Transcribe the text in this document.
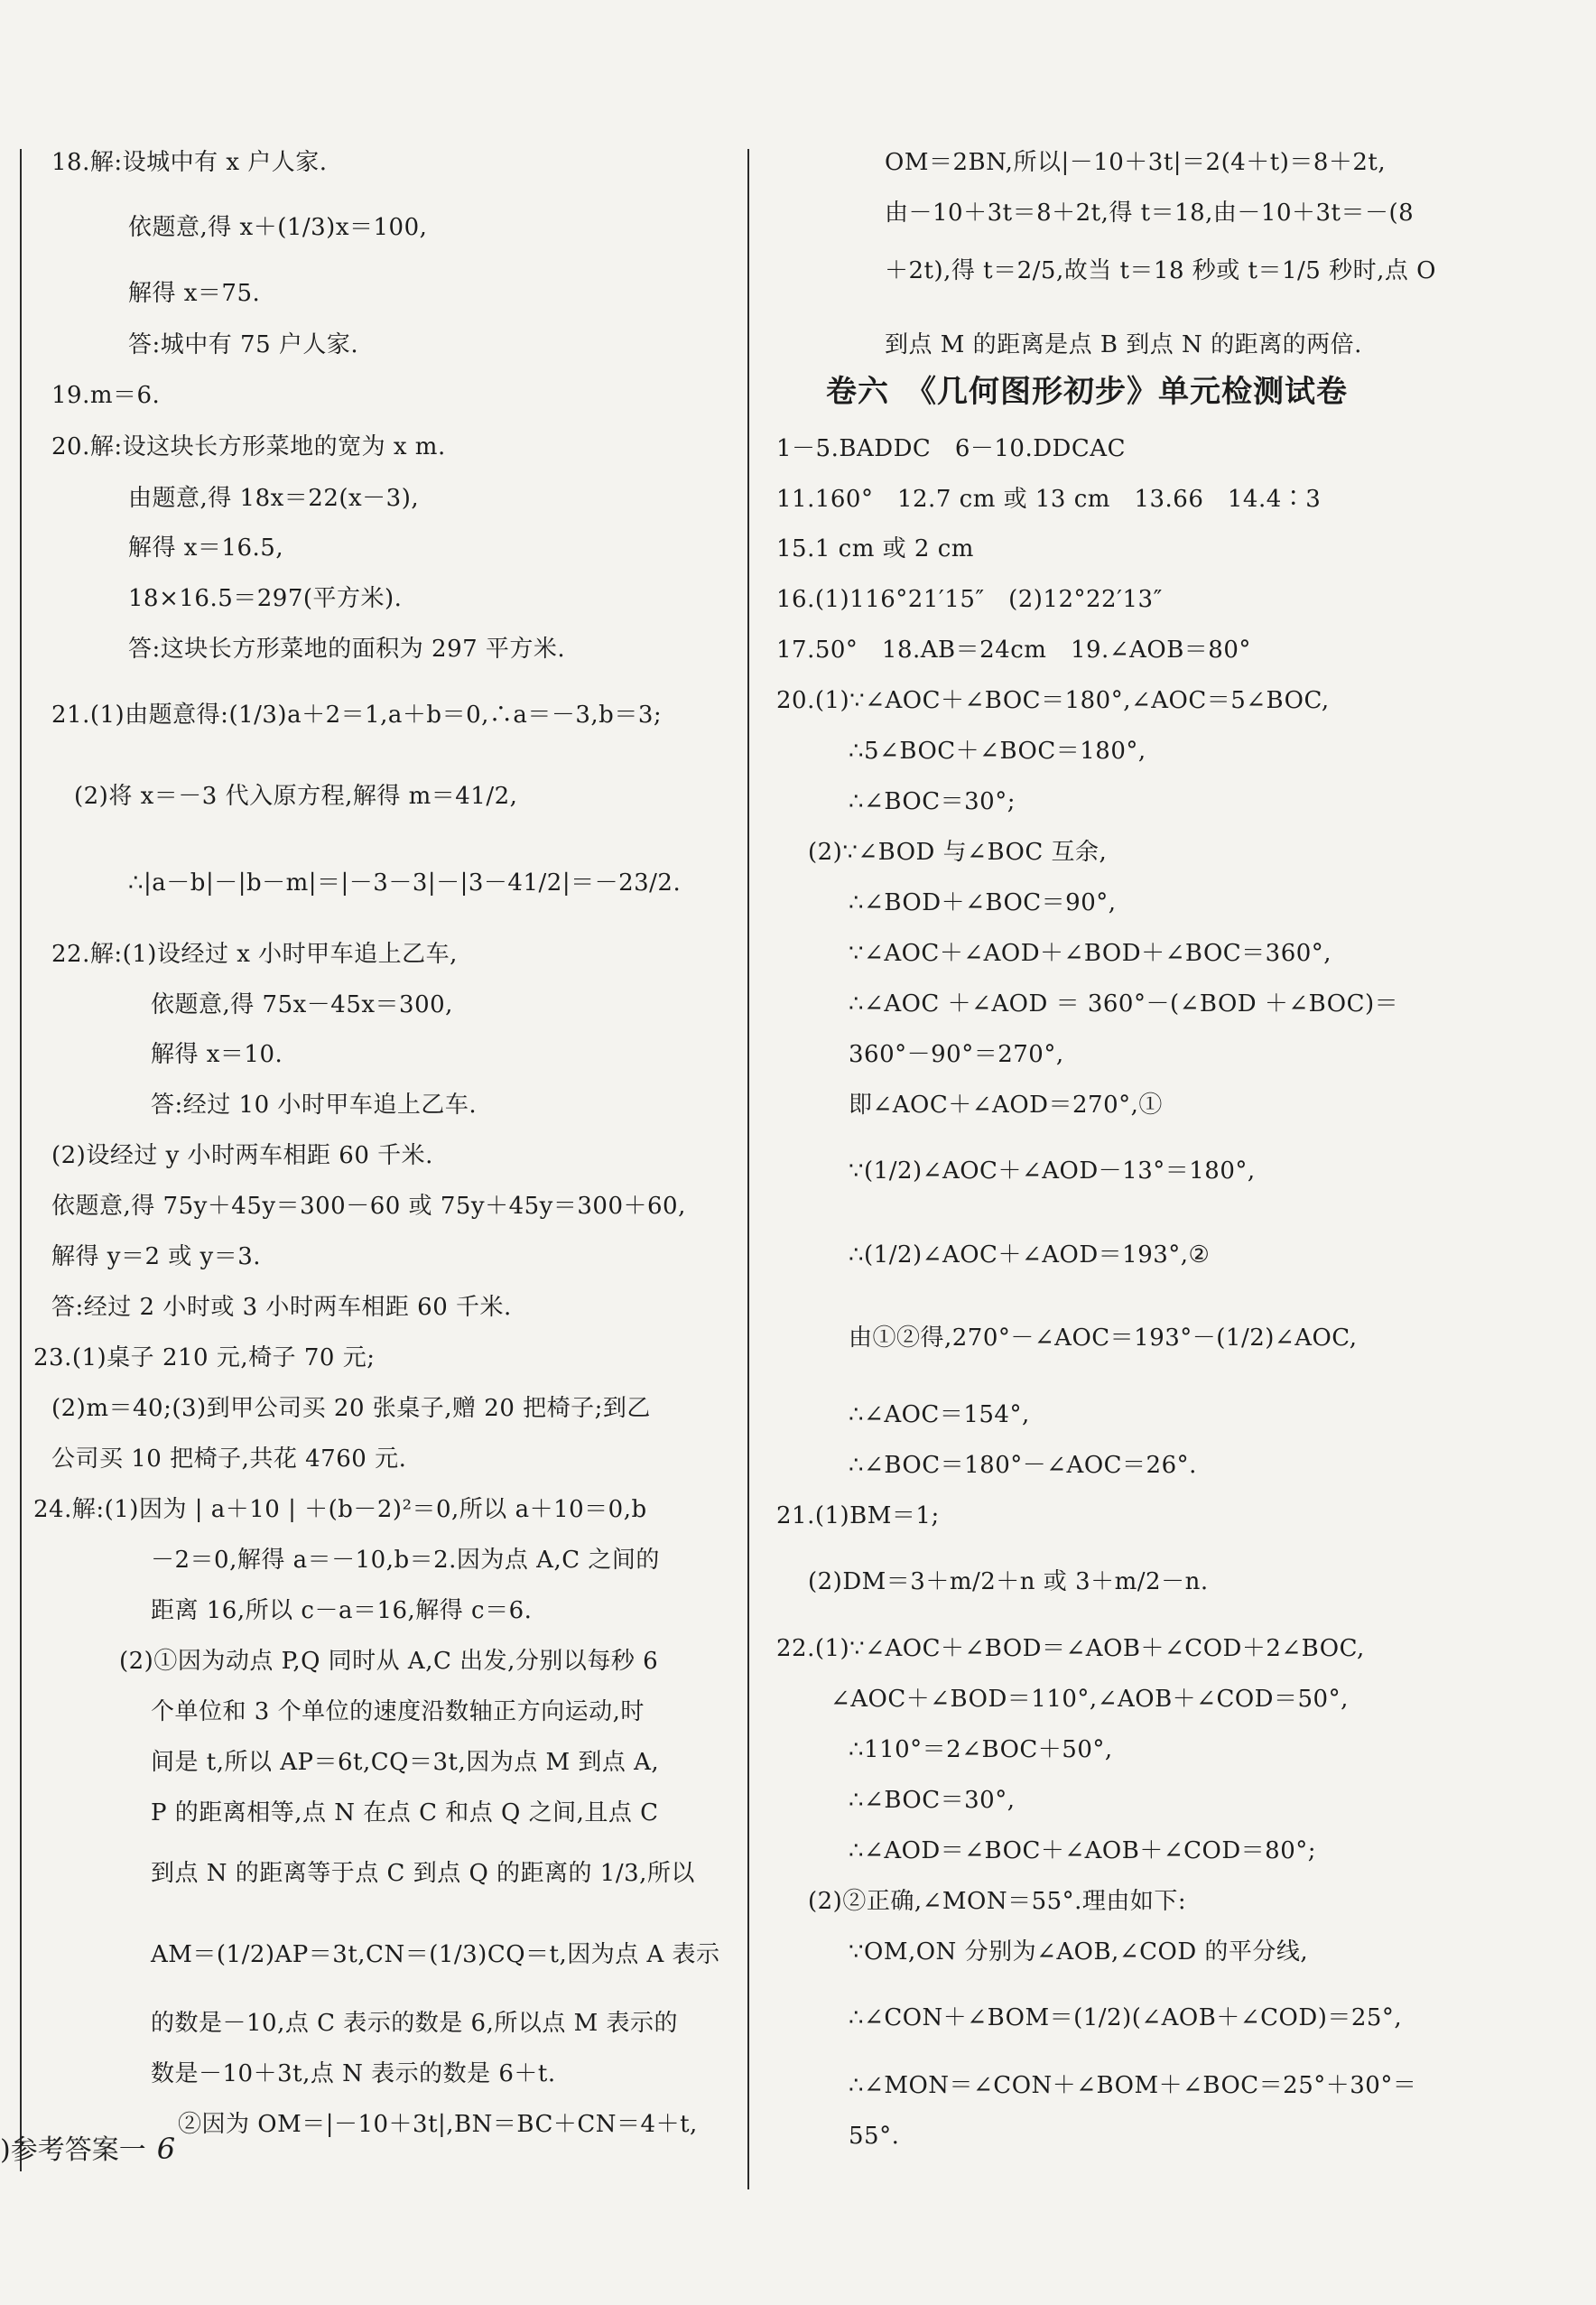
18.解:设城中有 x 户人家.
依题意,得 x＋(1/3)x＝100,
解得 x＝75.
答:城中有 75 户人家.
19.m＝6.
20.解:设这块长方形菜地的宽为 x m.
由题意,得 18x＝22(x－3),
解得 x＝16.5,
18×16.5＝297(平方米).
答:这块长方形菜地的面积为 297 平方米.
21.(1)由题意得:(1/3)a＋2＝1,a＋b＝0,∴a＝－3,b＝3;
(2)将 x＝－3 代入原方程,解得 m＝41/2,
∴|a－b|－|b－m|＝|－3－3|－|3－41/2|＝－23/2.
22.解:(1)设经过 x 小时甲车追上乙车,
依题意,得 75x－45x＝300,
解得 x＝10.
答:经过 10 小时甲车追上乙车.
(2)设经过 y 小时两车相距 60 千米.
依题意,得 75y＋45y＝300－60 或 75y＋45y＝300＋60,
解得 y＝2 或 y＝3.
答:经过 2 小时或 3 小时两车相距 60 千米.
23.(1)桌子 210 元,椅子 70 元;
(2)m＝40;(3)到甲公司买 20 张桌子,赠 20 把椅子;到乙
公司买 10 把椅子,共花 4760 元.
24.解:(1)因为 | a＋10 | ＋(b－2)²＝0,所以 a＋10＝0,b
－2＝0,解得 a＝－10,b＝2.因为点 A,C 之间的
距离 16,所以 c－a＝16,解得 c＝6.
(2)①因为动点 P,Q 同时从 A,C 出发,分别以每秒 6
个单位和 3 个单位的速度沿数轴正方向运动,时
间是 t,所以 AP＝6t,CQ＝3t,因为点 M 到点 A,
P 的距离相等,点 N 在点 C 和点 Q 之间,且点 C
到点 N 的距离等于点 C 到点 Q 的距离的 1/3,所以
AM＝(1/2)AP＝3t,CN＝(1/3)CQ＝t,因为点 A 表示
的数是－10,点 C 表示的数是 6,所以点 M 表示的
数是－10＋3t,点 N 表示的数是 6＋t.
②因为 OM＝|－10＋3t|,BN＝BC＋CN＝4＋t,
OM＝2BN,所以|－10＋3t|＝2(4＋t)＝8＋2t,
由－10＋3t＝8＋2t,得 t＝18,由－10＋3t＝－(8
＋2t),得 t＝2/5,故当 t＝18 秒或 t＝1/5 秒时,点 O
到点 M 的距离是点 B 到点 N 的距离的两倍.
卷六　《几何图形初步》单元检测试卷
1－5.BADDC　6－10.DDCAC
11.160°　12.7 cm 或 13 cm　13.66　14.4∶3
15.1 cm 或 2 cm
16.(1)116°21′15″　(2)12°22′13″
17.50°　18.AB＝24cm　19.∠AOB＝80°
20.(1)∵∠AOC＋∠BOC＝180°,∠AOC＝5∠BOC,
∴5∠BOC＋∠BOC＝180°,
∴∠BOC＝30°;
(2)∵∠BOD 与∠BOC 互余,
∴∠BOD＋∠BOC＝90°,
∵∠AOC＋∠AOD＋∠BOD＋∠BOC＝360°,
∴∠AOC ＋∠AOD ＝ 360°－(∠BOD ＋∠BOC)＝
360°－90°＝270°,
即∠AOC＋∠AOD＝270°,①
∵(1/2)∠AOC＋∠AOD－13°＝180°,
∴(1/2)∠AOC＋∠AOD＝193°,②
由①②得,270°－∠AOC＝193°－(1/2)∠AOC,
∴∠AOC＝154°,
∴∠BOC＝180°－∠AOC＝26°.
21.(1)BM＝1;
(2)DM＝3＋m/2＋n 或 3＋m/2－n.
22.(1)∵∠AOC＋∠BOD＝∠AOB＋∠COD＋2∠BOC,
∠AOC＋∠BOD＝110°,∠AOB＋∠COD＝50°,
∴110°＝2∠BOC＋50°,
∴∠BOC＝30°,
∴∠AOD＝∠BOC＋∠AOB＋∠COD＝80°;
(2)②正确,∠MON＝55°.理由如下:
∵OM,ON 分别为∠AOB,∠COD 的平分线,
∴∠CON＋∠BOM＝(1/2)(∠AOB＋∠COD)＝25°,
∴∠MON＝∠CON＋∠BOM＋∠BOC＝25°＋30°＝
55°.
)参考答案一 6
